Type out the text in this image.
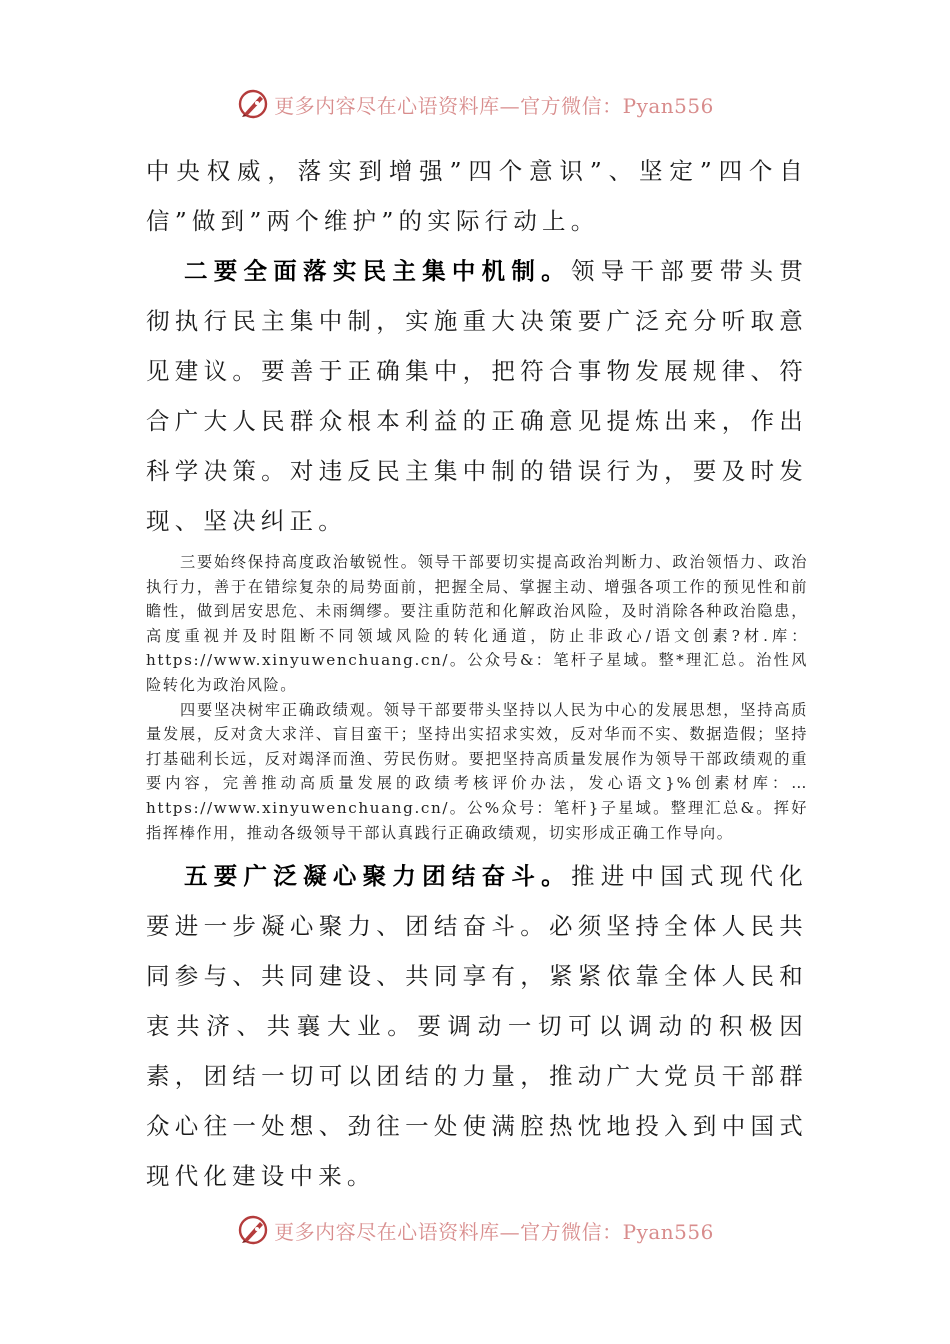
更多内容尽在心语资料库—官方微信：Pyan556

中央权威，落实到增强”四个意识”、坚定”四个自信”做到”两个维护”的实际行动上。

二要全面落实民主集中机制。领导干部要带头贯彻执行民主集中制，实施重大决策要广泛充分听取意见建议。要善于正确集中，把符合事物发展规律、符合广大人民群众根本利益的正确意见提炼出来，作出科学决策。对违反民主集中制的错误行为，要及时发现、坚决纠正。

三要始终保持高度政治敏锐性。领导干部要切实提高政治判断力、政治领悟力、政治执行力，善于在错综复杂的局势面前，把握全局、掌握主动、增强各项工作的预见性和前瞻性，做到居安思危、未雨绸缪。要注重防范和化解政治风险，及时消除各种政治隐患，高度重视并及时阻断不同领域风险的转化通道，防止非政心/语文创素?材.库：https://www.xinyuwenchuang.cn/。公众号&：笔杆子星域。整*理汇总。治性风险转化为政治风险。

四要坚决树牢正确政绩观。领导干部要带头坚持以人民为中心的发展思想，坚持高质量发展，反对贪大求洋、盲目蛮干；坚持出实招求实效，反对华而不实、数据造假；坚持打基础利长远，反对竭泽而渔、劳民伤财。要把坚持高质量发展作为领导干部政绩观的重要内容，完善推动高质量发展的政绩考核评价办法，发心语文}%创素材库：…https://www.xinyuwenchuang.cn/。公%众号：笔杆}子星域。整理汇总&。挥好指挥棒作用，推动各级领导干部认真践行正确政绩观，切实形成正确工作导向。

五要广泛凝心聚力团结奋斗。推进中国式现代化要进一步凝心聚力、团结奋斗。必须坚持全体人民共同参与、共同建设、共同享有，紧紧依靠全体人民和衷共济、共襄大业。要调动一切可以调动的积极因素，团结一切可以团结的力量，推动广大党员干部群众心往一处想、劲往一处使满腔热忱地投入到中国式现代化建设中来。

更多内容尽在心语资料库—官方微信：Pyan556
